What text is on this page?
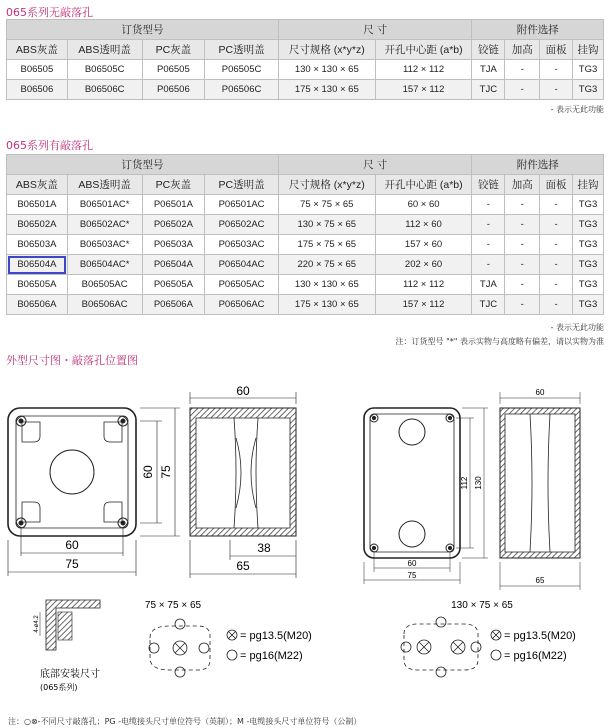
065系列无敲落孔
订货型号				尺 寸		附件选择			
ABS灰盖	ABS透明盖	PC灰盖	PC透明盖	尺寸规格 (x*y*z)	开孔中心距 (a*b)	铰链	加高	面板	挂钩
B06505	B06505C	P06505	P06505C	130 × 130 × 65	112 × 112	TJA	-	-	TG3
B06506	B06506C	P06506	P06506C	175 × 130 × 65	157 × 112	TJC	-	-	TG3
- 表示无此功能
065系列有敲落孔
订货型号				尺 寸		附件选择			
ABS灰盖	ABS透明盖	PC灰盖	PC透明盖	尺寸规格 (x*y*z)	开孔中心距 (a*b)	铰链	加高	面板	挂钩
B06501A	B06501AC*	P06501A	P06501AC	75 × 75 × 65	60 × 60	-	-	-	TG3
B06502A	B06502AC*	P06502A	P06502AC	130 × 75 × 65	112 × 60	-	-	-	TG3
B06503A	B06503AC*	P06503A	P06503AC	175 × 75 × 65	157 × 60	-	-	-	TG3
B06504A	B06504AC*	P06504A	P06504AC	220 × 75 × 65	202 × 60	-	-	-	TG3
B06505A	B06505AC	P06505A	P06505AC	130 × 130 × 65	112 × 112	TJA	-	-	TG3
B06506A	B06506AC	P06506A	P06506AC	175 × 130 × 65	157 × 112	TJC	-	-	TG3
- 表示无此功能
注：订货型号 "*" 表示实物与高度略有偏差，请以实物为准
外型尺寸图・敲落孔位置图
60
75
60 75
60
38
65
112 130
60
75
60
65
4-ø4.2
底部安装尺寸
(065系列)
75 × 75 × 65
= pg13.5(M20)
= pg16(M22)
130 × 75 × 65
= pg13.5(M20)
= pg16(M22)
注：○⊗-不同尺寸敲落孔；PG -电缆接头尺寸单位符号（英制）；M -电缆接头尺寸单位符号（公制）
